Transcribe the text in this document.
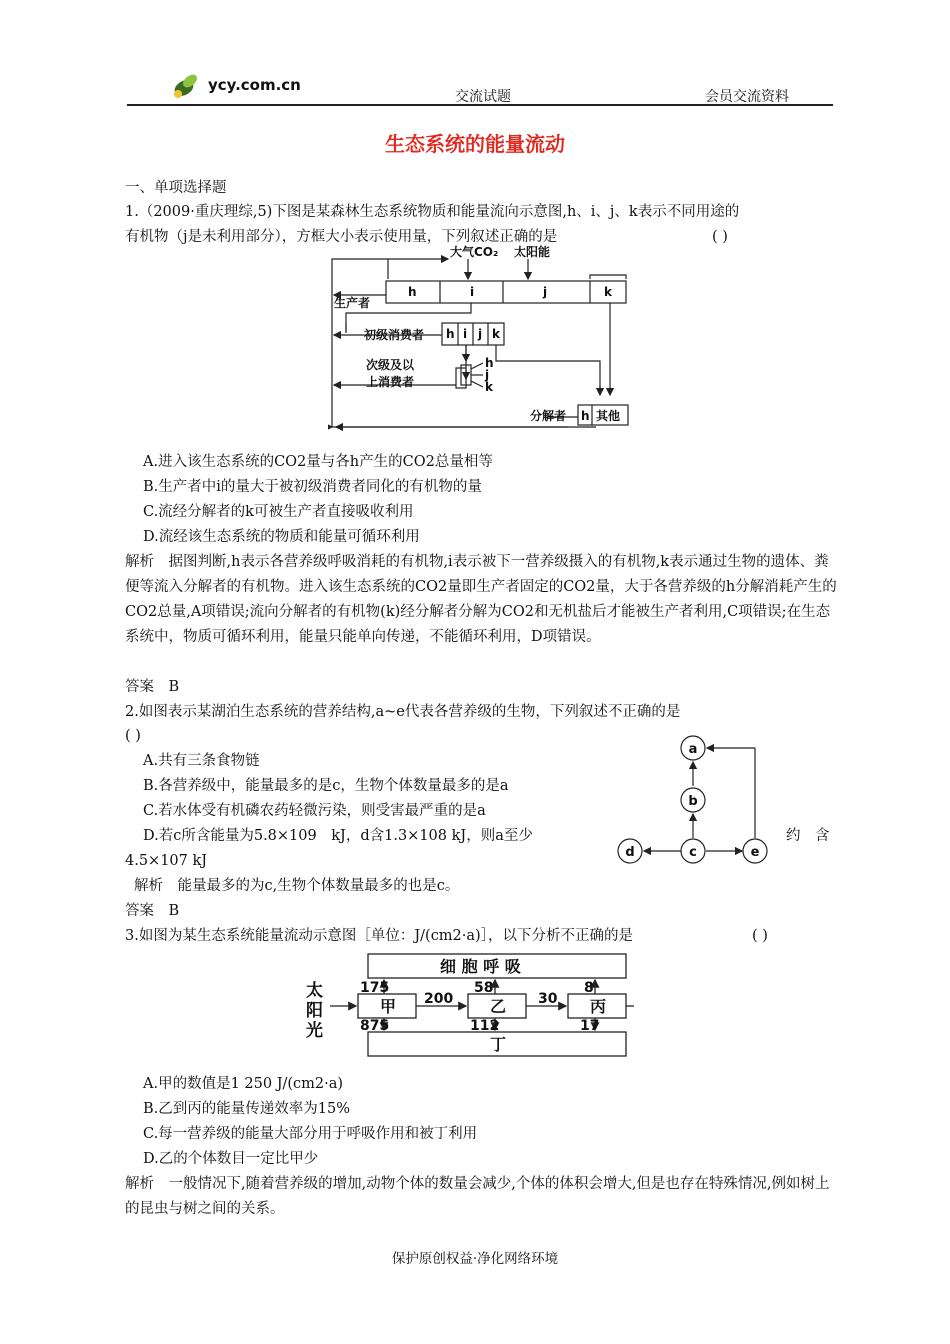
ycy.com.cn
交流试题	会员交流资料
生态系统的能量流动
一、单项选择题
1.（2009·重庆理综,5)下图是某森林生态系统物质和能量流向示意图,h、i、j、k表示不同用途的
有机物（j是未利用部分），方框大小表示使用量，下列叙述正确的是	( )
大气CO₂ 太阳能
生产者
h	i	j	k
初级消费者 h i j k
次级及以
上消费者
h
j
k
分解者 h 其他
A.进入该生态系统的CO2量与各h产生的CO2总量相等
B.生产者中i的量大于被初级消费者同化的有机物的量
C.流经分解者的k可被生产者直接吸收利用
D.流经该生态系统的物质和能量可循环利用
解析　据图判断,h表示各营养级呼吸消耗的有机物,i表示被下一营养级摄入的有机物,k表示通过生物的遗体、粪便等流入分解者的有机物。进入该生态系统的CO2量即生产者固定的CO2量，大于各营养级的h分解消耗产生的CO2总量,A项错误;流向分解者的有机物(k)经分解者分解为CO2和无机盐后才能被生产者利用,C项错误;在生态系统中，物质可循环利用，能量只能单向传递，不能循环利用，D项错误。
答案　B
2.如图表示某湖泊生态系统的营养结构,a~e代表各营养级的生物，下列叙述不正确的是
( )
A.共有三条食物链
B.各营养级中，能量最多的是c，生物个体数量最多的是a
C.若水体受有机磷农药轻微污染，则受害最严重的是a
D.若c所含能量为5.8×109　kJ，d含1.3×108 kJ，则a至少	约　含
4.5×107 kJ
a
b
c
d	e
解析　能量最多的为c,生物个体数量最多的也是c。
答案　B
3.如图为某生态系统能量流动示意图［单位：J/(cm2·a)］，以下分析不正确的是	( )
细 胞 呼 吸
太
阳
光
甲	乙	丙
丁
175	58	8
200	30
875	112	17
A.甲的数值是1 250 J/(cm2·a)
B.乙到丙的能量传递效率为15%
C.每一营养级的能量大部分用于呼吸作用和被丁利用
D.乙的个体数目一定比甲少
解析　一般情况下,随着营养级的增加,动物个体的数量会减少,个体的体积会增大,但是也存在特殊情况,例如树上的昆虫与树之间的关系。
保护原创权益·净化网络环境
